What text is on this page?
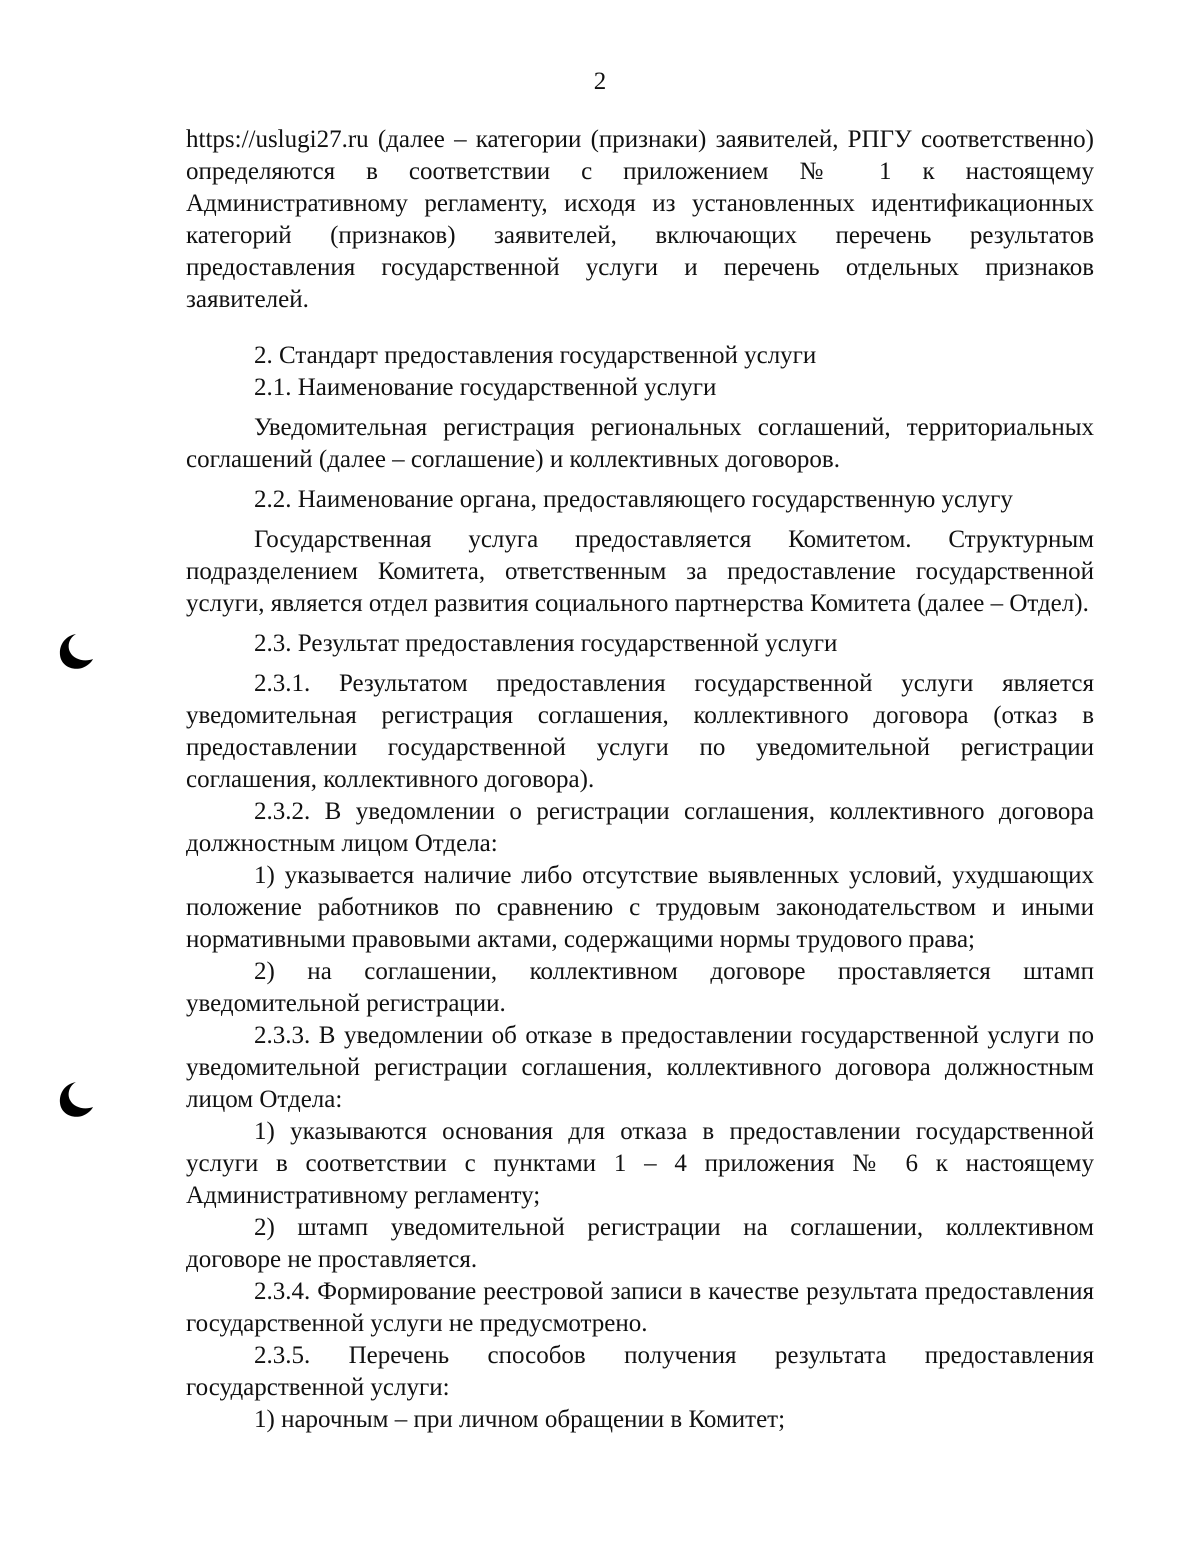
2

https://uslugi27.ru (далее – категории (признаки) заявителей, РПГУ соответственно) определяются в соответствии с приложением № 1 к настоящему Административному регламенту, исходя из установленных идентификационных категорий (признаков) заявителей, включающих перечень результатов предоставления государственной услуги и перечень отдельных признаков заявителей.

2. Стандарт предоставления государственной услуги

2.1. Наименование государственной услуги

Уведомительная регистрация региональных соглашений, территориальных соглашений (далее – соглашение) и коллективных договоров.

2.2. Наименование органа, предоставляющего государственную услугу

Государственная услуга предоставляется Комитетом. Структурным подразделением Комитета, ответственным за предоставление государственной услуги, является отдел развития социального партнерства Комитета (далее – Отдел).

2.3. Результат предоставления государственной услуги

2.3.1. Результатом предоставления государственной услуги является уведомительная регистрация соглашения, коллективного договора (отказ в предоставлении государственной услуги по уведомительной регистрации соглашения, коллективного договора).

2.3.2. В уведомлении о регистрации соглашения, коллективного договора должностным лицом Отдела:

1) указывается наличие либо отсутствие выявленных условий, ухудшающих положение работников по сравнению с трудовым законодательством и иными нормативными правовыми актами, содержащими нормы трудового права;

2) на соглашении, коллективном договоре проставляется штамп уведомительной регистрации.

2.3.3. В уведомлении об отказе в предоставлении государственной услуги по уведомительной регистрации соглашения, коллективного договора должностным лицом Отдела:

1) указываются основания для отказа в предоставлении государственной услуги в соответствии с пунктами 1 – 4 приложения № 6 к настоящему Административному регламенту;

2) штамп уведомительной регистрации на соглашении, коллективном договоре не проставляется.

2.3.4. Формирование реестровой записи в качестве результата предоставления государственной услуги не предусмотрено.

2.3.5. Перечень способов получения результата предоставления государственной услуги:

1) нарочным – при личном обращении в Комитет;
